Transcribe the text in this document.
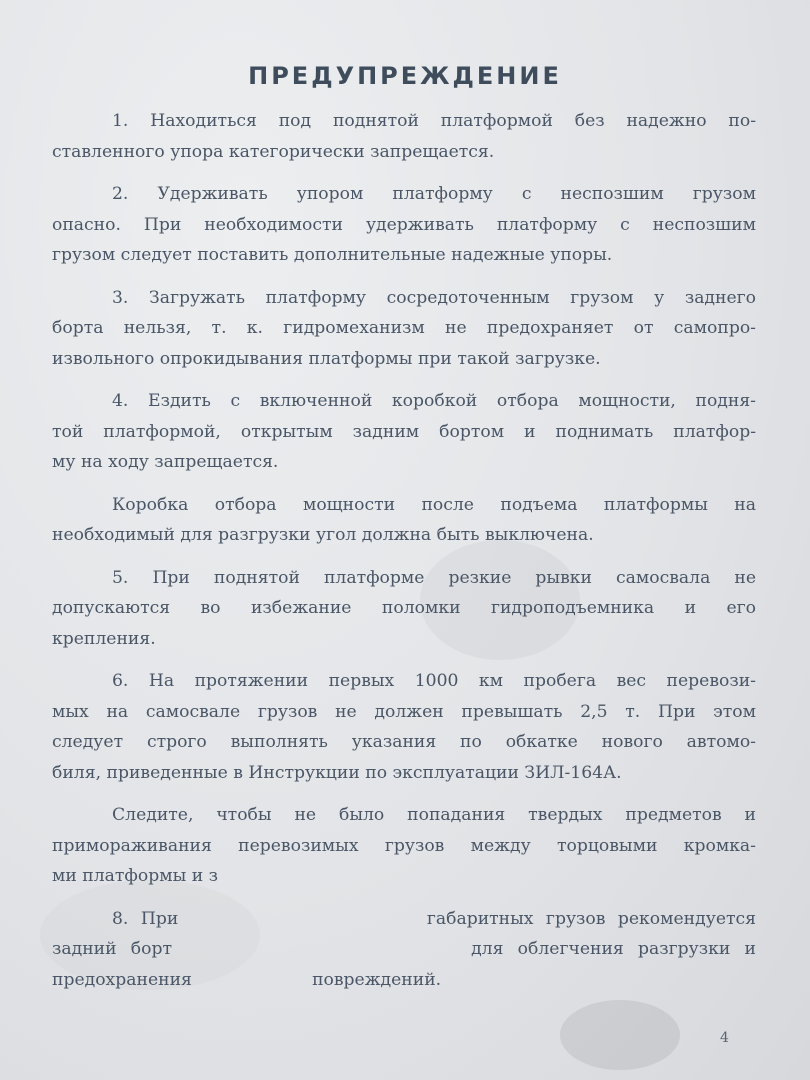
ПРЕДУПРЕЖДЕНИЕ
1. Находиться под поднятой платформой без надежно по-
ставленного упора категорически запрещается.
2. Удерживать упором платформу с неспозшим грузом
опасно. При необходимости удерживать платформу с неспозшим
грузом следует поставить дополнительные надежные упоры.
3. Загружать платформу сосредоточенным грузом у заднего
борта нельзя, т. к. гидромеханизм не предохраняет от самопро-
извольного опрокидывания платформы при такой загрузке.
4. Ездить с включенной коробкой отбора мощности, подня-
той платформой, открытым задним бортом и поднимать платфор-
му на ходу запрещается.
Коробка отбора мощности после подъема платформы на
необходимый для разгрузки угол должна быть выключена.
5. При поднятой платформе резкие рывки самосвала не
допускаются во избежание поломки гидроподъемника и его
крепления.
6. На протяжении первых 1000 км пробега вес перевози-
мых на самосвале грузов не должен превышать 2,5 т. При этом
следует строго выполнять указания по обкатке нового автомо-
биля, приведенные в Инструкции по эксплуатации ЗИЛ-164А.
Следите, чтобы не было попадания твердых предметов и
примораживания перевозимых грузов между торцовыми кромка-
ми платформы и з
8. При                    габаритных грузов рекомендуется
задний борт                     для облегчения разгрузки и
предохранения                      повреждений.
4
